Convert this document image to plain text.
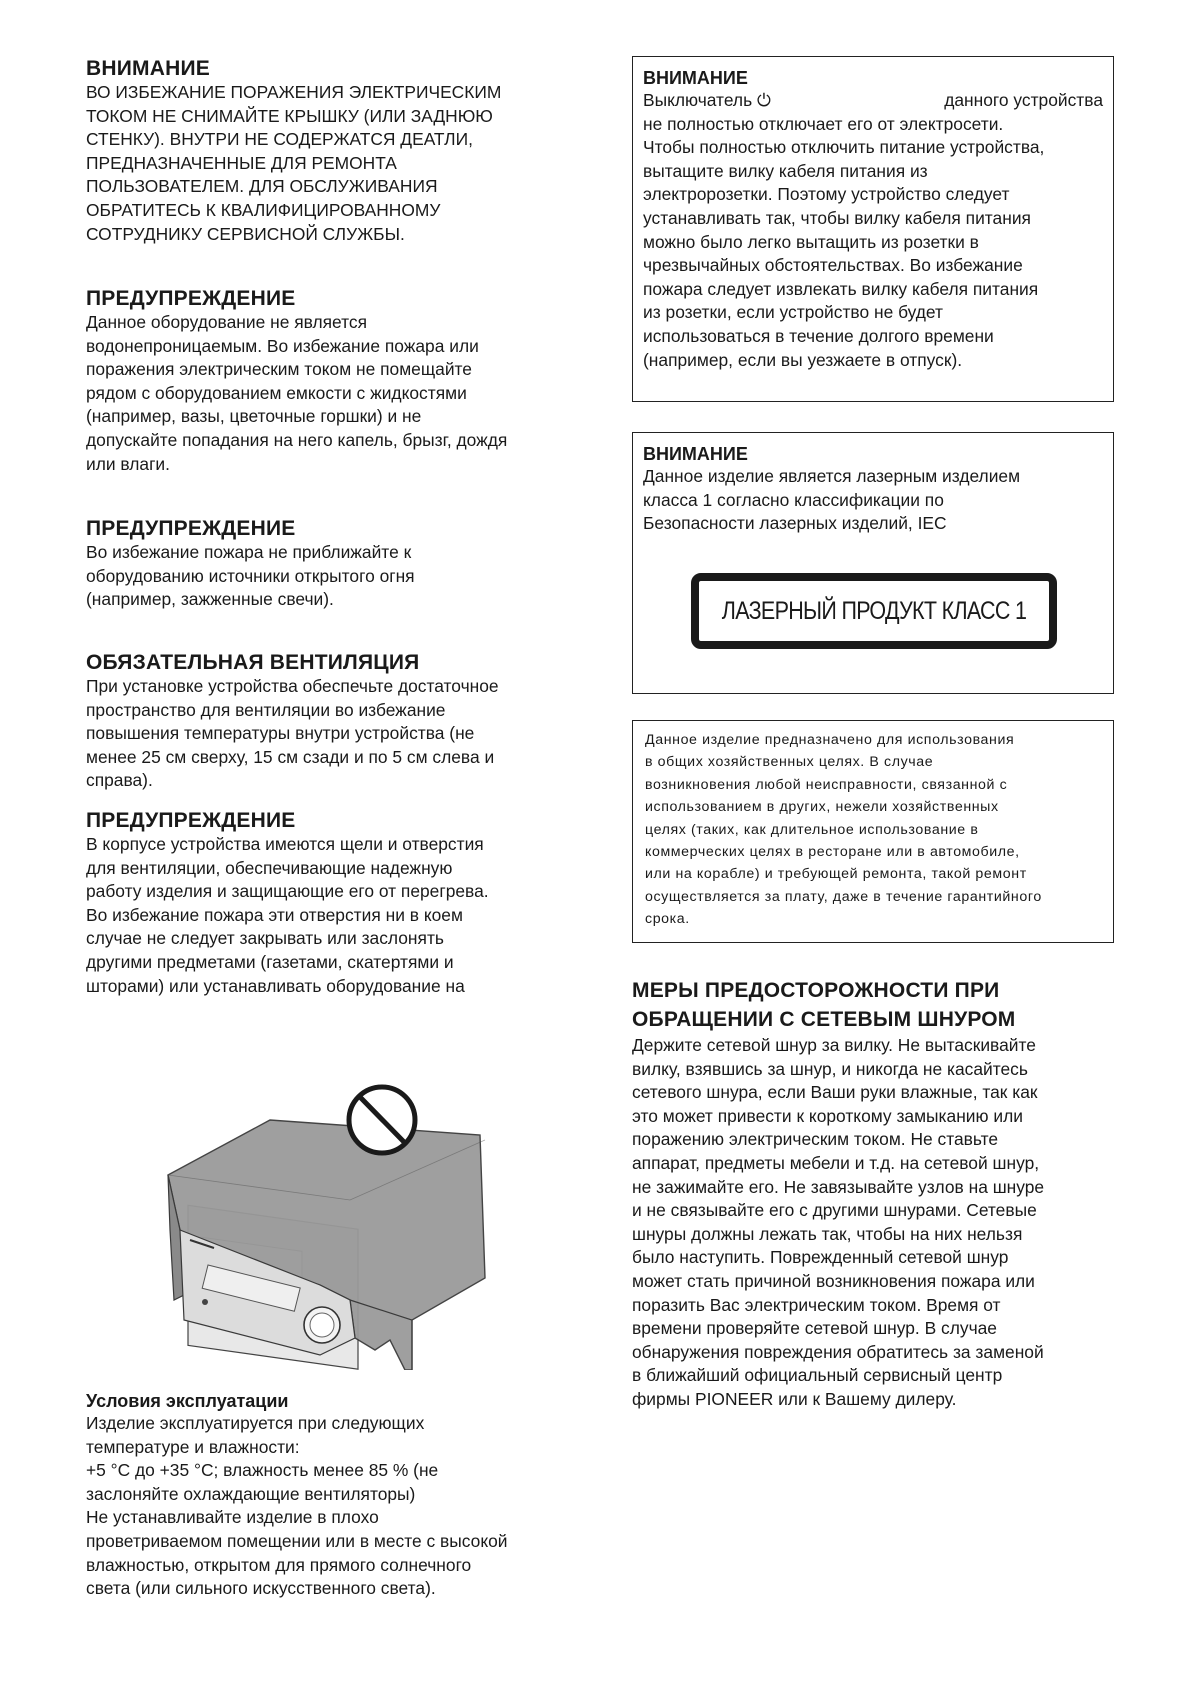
ВНИМАНИЕ

ВО ИЗБЕЖАНИЕ ПОРАЖЕНИЯ ЭЛЕКТРИЧЕСКИМ
ТОКОМ НЕ СНИМАЙТЕ КРЫШКУ (ИЛИ ЗАДНЮЮ
СТЕНКУ). ВНУТРИ НЕ СОДЕРЖАТСЯ ДЕАТЛИ,
ПРЕДНАЗНАЧЕННЫЕ ДЛЯ РЕМОНТА
ПОЛЬЗОВАТЕЛЕМ. ДЛЯ ОБСЛУЖИВАНИЯ
ОБРАТИТЕСЬ К КВАЛИФИЦИРОВАННОМУ
СОТРУДНИКУ СЕРВИСНОЙ СЛУЖБЫ.

ПРЕДУПРЕЖДЕНИЕ

Данное оборудование не является
водонепроницаемым. Во избежание пожара или
поражения электрическим током не помещайте
рядом с оборудованием емкости с жидкостями
(например, вазы, цветочные горшки) и не
допускайте попадания на него капель, брызг, дождя
или влаги.

ПРЕДУПРЕЖДЕНИЕ

Во избежание пожара не приближайте к
оборудованию источники открытого огня
(например, зажженные свечи).

ОБЯЗАТЕЛЬНАЯ ВЕНТИЛЯЦИЯ

При установке устройства обеспечьте достаточное
пространство для вентиляции во избежание
повышения температуры внутри устройства (не
менее 25 см сверху, 15 см сзади и по 5 см слева и
справа).

ПРЕДУПРЕЖДЕНИЕ

В корпусе устройства имеются щели и отверстия
для вентиляции, обеспечивающие надежную
работу изделия и защищающие его от перегрева.
Во избежание пожара эти отверстия ни в коем
случае не следует закрывать или заслонять
другими предметами (газетами, скатертями и
шторами) или устанавливать оборудование на

Условия эксплуатации

Изделие эксплуатируется при следующих
температуре и влажности:
+5 °C до +35 °C; влажность менее 85 % (не
заслоняйте охлаждающие вентиляторы)
Не устанавливайте изделие в плохо
проветриваемом помещении или в месте с высокой
влажностью, открытом для прямого солнечного
света (или сильного искусственного света).

ВНИМАНИЕ

Выключатель ⏻	данного устройства
не полностью отключает его от электросети.
Чтобы полностью отключить питание устройства,
вытащите вилку кабеля питания из
электророзетки. Поэтому устройство следует
устанавливать так, чтобы вилку кабеля питания
можно было легко вытащить из розетки в
чрезвычайных обстоятельствах. Во избежание
пожара следует извлекать вилку кабеля питания
из розетки, если устройство не будет
использоваться в течение долгого времени
(например, если вы уезжаете в отпуск).

ВНИМАНИЕ

Данное изделие является лазерным изделием
класса 1 согласно классификации по
Безопасности лазерных изделий, IEC

ЛАЗЕРНЫЙ ПРОДУКТ КЛАСС 1

Данное изделие предназначено для использования
в общих хозяйственных целях. В случае
возникновения любой неисправности, связанной с
использованием в других, нежели хозяйственных
целях (таких, как длительное использование в
коммерческих целях в ресторане или в автомобиле,
или на корабле) и требующей ремонта, такой ремонт
осуществляется за плату, даже в течение гарантийного
срока.

МЕРЫ ПРЕДОСТОРОЖНОСТИ ПРИ
ОБРАЩЕНИИ С СЕТЕВЫМ ШНУРОМ

Держите сетевой шнур за вилку. Не вытаскивайте
вилку, взявшись за шнур, и никогда не касайтесь
сетевого шнура, если Ваши руки влажные, так как
это может привести к короткому замыканию или
поражению электрическим током. Не ставьте
аппарат, предметы мебели и т.д. на сетевой шнур,
не зажимайте его. Не завязывайте узлов на шнуре
и не связывайте его с другими шнурами. Сетевые
шнуры должны лежать так, чтобы на них нельзя
было наступить. Поврежденный сетевой шнур
может стать причиной возникновения пожара или
поразить Вас электрическим током. Время от
времени проверяйте сетевой шнур. В случае
обнаружения повреждения обратитесь за заменой
в ближайший официальный сервисный центр
фирмы PIONEER или к Вашему дилеру.
